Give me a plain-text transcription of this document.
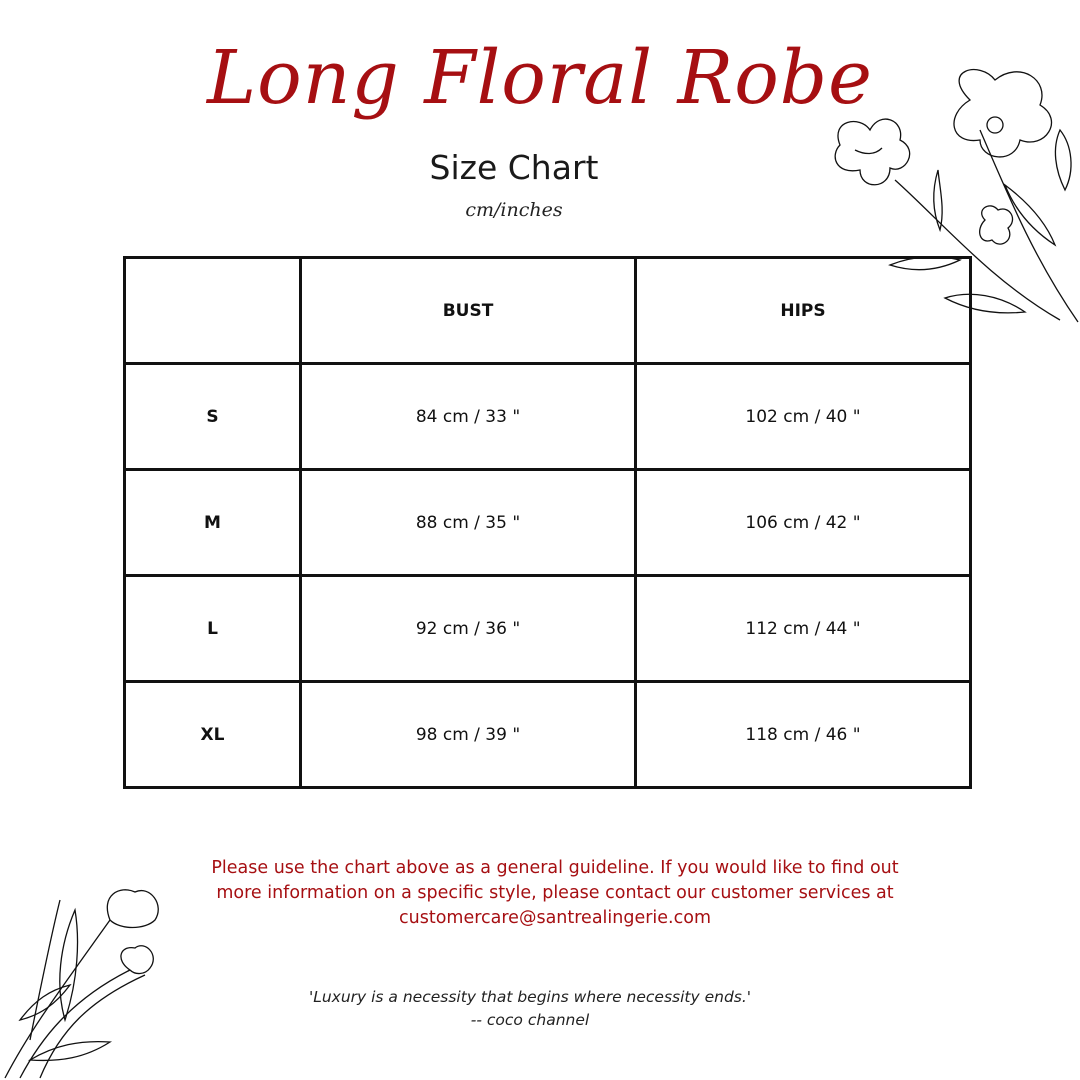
Long Floral Robe
Size Chart
cm/inches
	BUST	HIPS
S	84 cm / 33 "	102 cm / 40 "
M	88 cm / 35 "	106 cm / 42 "
L	92 cm / 36 "	112 cm / 44 "
XL	98 cm / 39 "	118 cm / 46 "
Please use the chart above as a general guideline. If you would like to find out
more information on a specific style, please contact our customer services at
customercare@santrealingerie.com
'Luxury is a necessity that begins where necessity ends.'
-- coco channel
